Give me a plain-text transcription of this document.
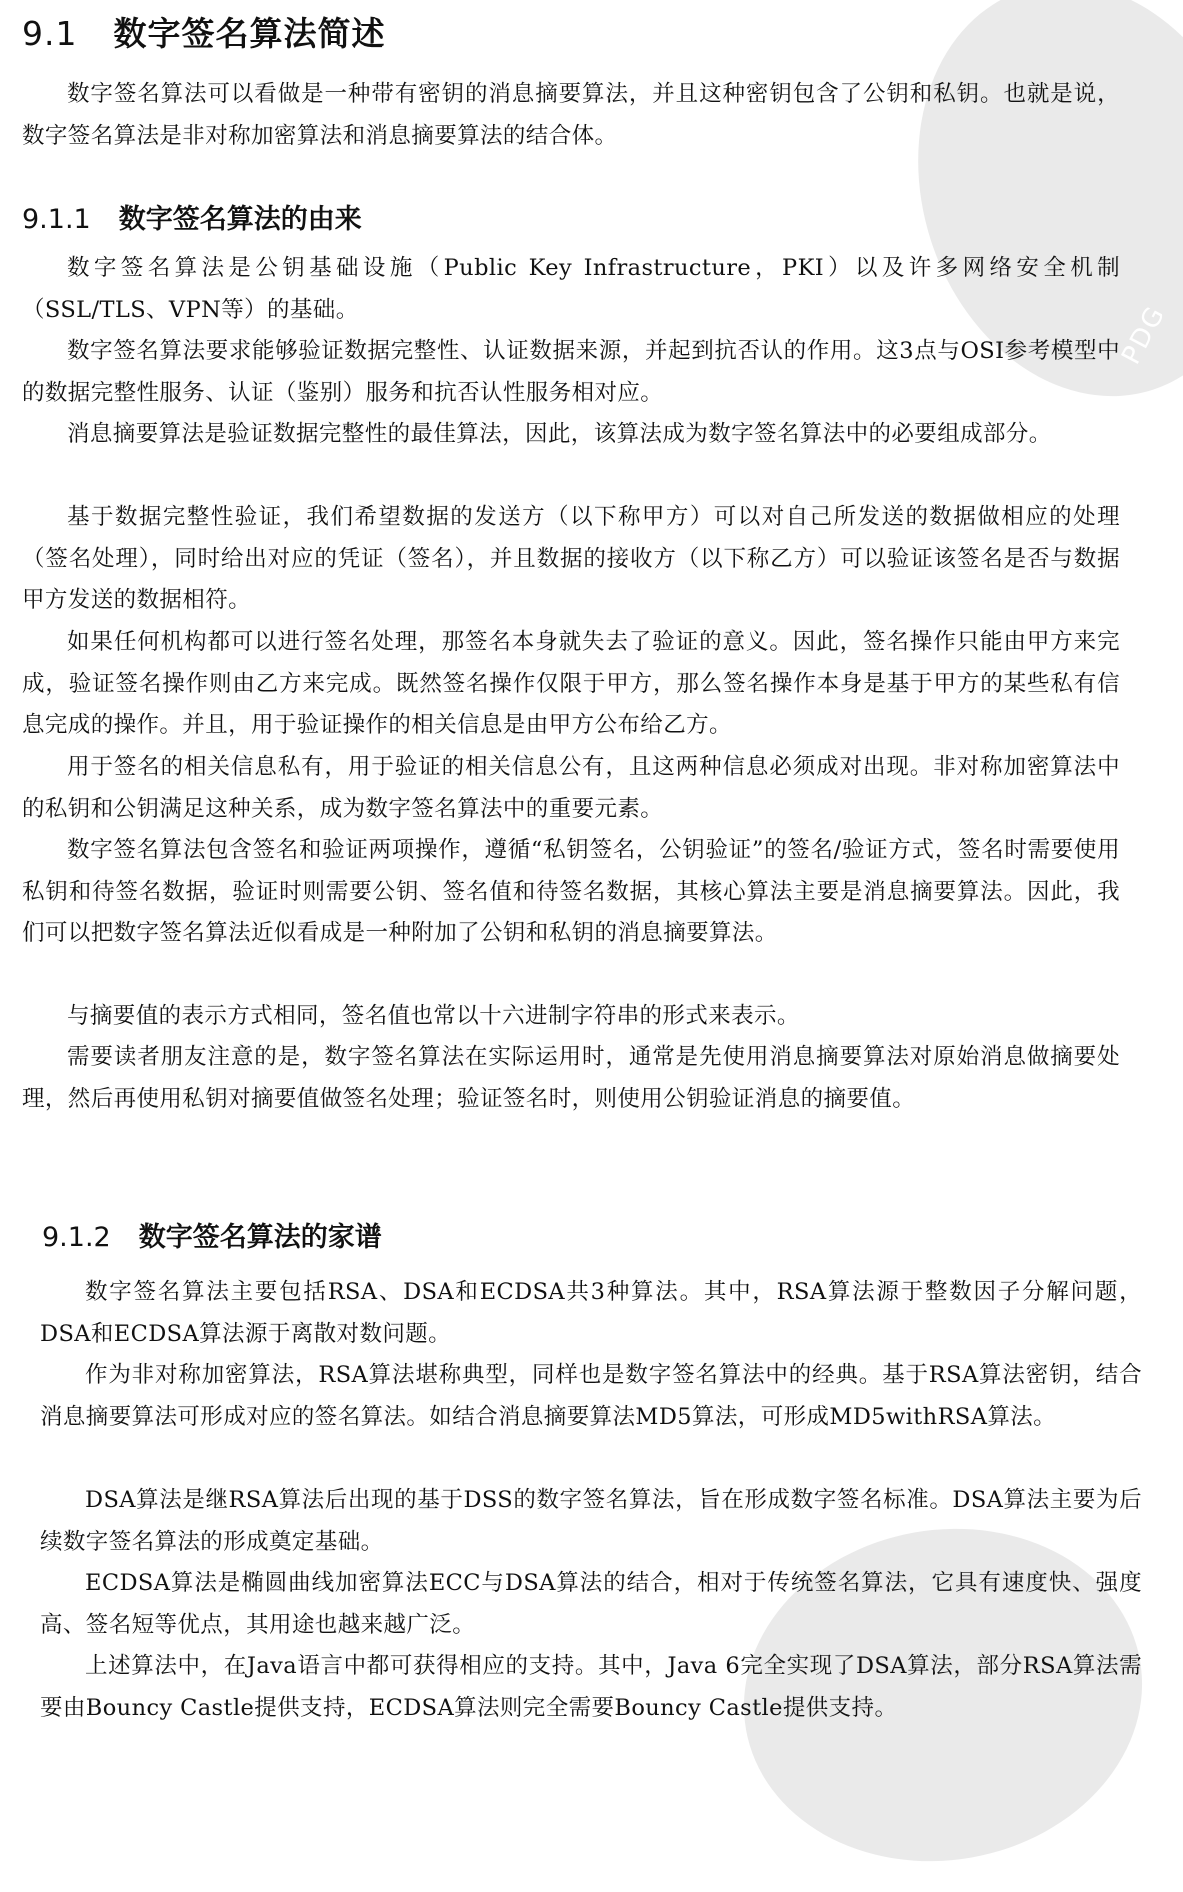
PDG
9.1 数字签名算法简述

数字签名算法可以看做是一种带有密钥的消息摘要算法，并且这种密钥包含了公钥和私钥。也就是说，数字签名算法是非对称加密算法和消息摘要算法的结合体。

9.1.1 数字签名算法的由来

数字签名算法是公钥基础设施（Public Key Infrastructure，PKI）以及许多网络安全机制（SSL/TLS、VPN等）的基础。

数字签名算法要求能够验证数据完整性、认证数据来源，并起到抗否认的作用。这3点与OSI参考模型中的数据完整性服务、认证（鉴别）服务和抗否认性服务相对应。

消息摘要算法是验证数据完整性的最佳算法，因此，该算法成为数字签名算法中的必要组成部分。

基于数据完整性验证，我们希望数据的发送方（以下称甲方）可以对自己所发送的数据做相应的处理（签名处理），同时给出对应的凭证（签名），并且数据的接收方（以下称乙方）可以验证该签名是否与数据甲方发送的数据相符。

如果任何机构都可以进行签名处理，那签名本身就失去了验证的意义。因此，签名操作只能由甲方来完成，验证签名操作则由乙方来完成。既然签名操作仅限于甲方，那么签名操作本身是基于甲方的某些私有信息完成的操作。并且，用于验证操作的相关信息是由甲方公布给乙方。

用于签名的相关信息私有，用于验证的相关信息公有，且这两种信息必须成对出现。非对称加密算法中的私钥和公钥满足这种关系，成为数字签名算法中的重要元素。

数字签名算法包含签名和验证两项操作，遵循“私钥签名，公钥验证”的签名/验证方式，签名时需要使用私钥和待签名数据，验证时则需要公钥、签名值和待签名数据，其核心算法主要是消息摘要算法。因此，我们可以把数字签名算法近似看成是一种附加了公钥和私钥的消息摘要算法。

与摘要值的表示方式相同，签名值也常以十六进制字符串的形式来表示。

需要读者朋友注意的是，数字签名算法在实际运用时，通常是先使用消息摘要算法对原始消息做摘要处理，然后再使用私钥对摘要值做签名处理；验证签名时，则使用公钥验证消息的摘要值。

9.1.2 数字签名算法的家谱

数字签名算法主要包括RSA、DSA和ECDSA共3种算法。其中，RSA算法源于整数因子分解问题，DSA和ECDSA算法源于离散对数问题。

作为非对称加密算法，RSA算法堪称典型，同样也是数字签名算法中的经典。基于RSA算法密钥，结合消息摘要算法可形成对应的签名算法。如结合消息摘要算法MD5算法，可形成MD5withRSA算法。

DSA算法是继RSA算法后出现的基于DSS的数字签名算法，旨在形成数字签名标准。DSA算法主要为后续数字签名算法的形成奠定基础。

ECDSA算法是椭圆曲线加密算法ECC与DSA算法的结合，相对于传统签名算法，它具有速度快、强度高、签名短等优点，其用途也越来越广泛。

上述算法中，在Java语言中都可获得相应的支持。其中，Java 6完全实现了DSA算法，部分RSA算法需要由Bouncy Castle提供支持，ECDSA算法则完全需要Bouncy Castle提供支持。
